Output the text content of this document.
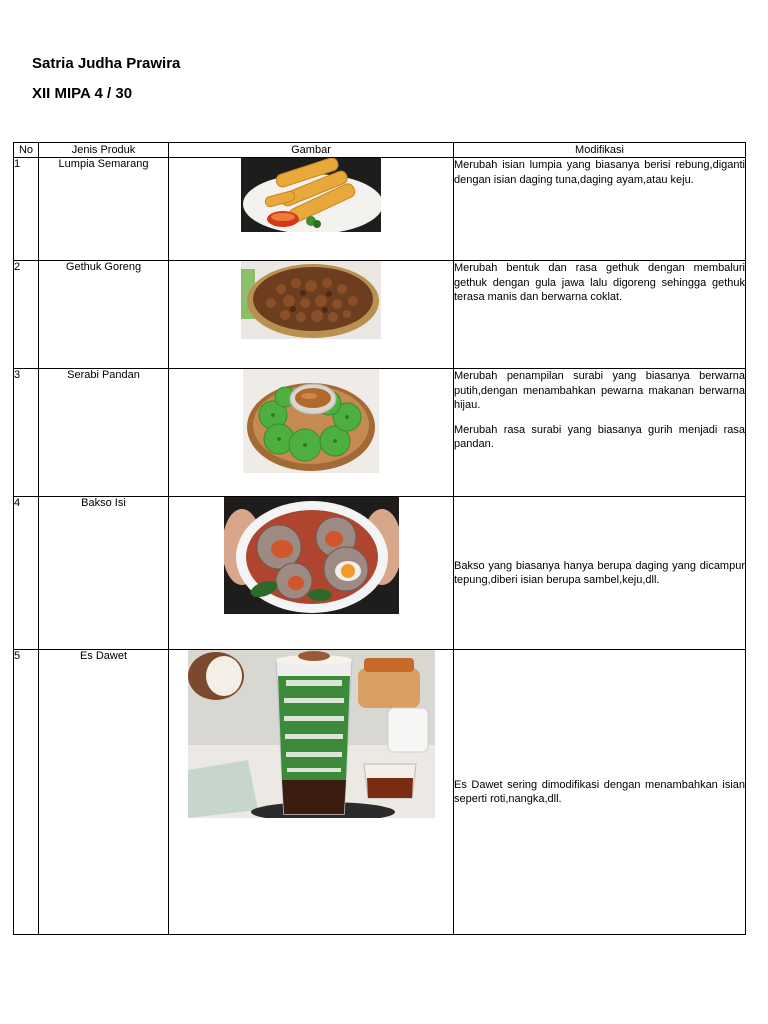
Satria Judha Prawira
XII MIPA 4 / 30
No	Jenis Produk	Gambar	Modifikasi
1	Lumpia Semarang		Merubah isian lumpia yang biasanya berisi rebung,diganti dengan isian daging tuna,daging ayam,atau keju.

2	Gethuk Goreng		Merubah bentuk dan rasa gethuk dengan membaluri gethuk dengan gula jawa lalu digoreng sehingga gethuk terasa manis dan berwarna coklat.

3	Serabi Pandan		Merubah penampilan surabi yang biasanya berwarna putih,dengan menambahkan pewarna makanan berwarna hijau.

Merubah rasa surabi yang biasanya gurih menjadi rasa pandan.

4	Bakso Isi		Bakso yang biasanya hanya berupa daging yang dicampur tepung,diberi isian berupa sambel,keju,dll.

5	Es Dawet		Es Dawet sering dimodifikasi dengan menambahkan isian seperti roti,nangka,dll.
